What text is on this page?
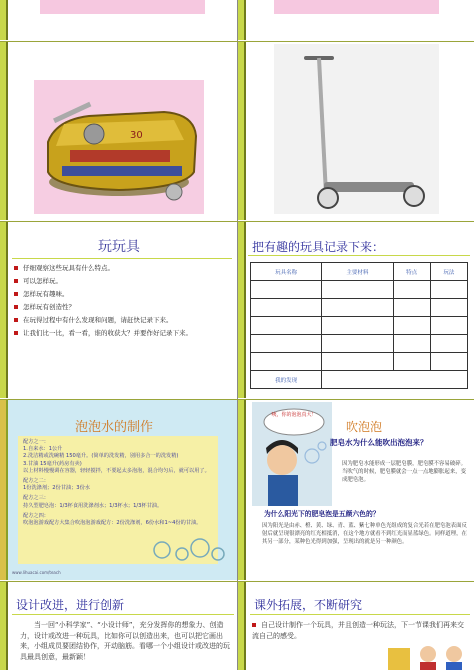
30
玩玩具
仔细观察这些玩具有什么特点。
可以怎样玩。
怎样玩有趣味。
怎样玩有创造性？
在玩得过程中有什么发现和问题，请赶快记录下来。
让我们比一比，看一看，谁的收获大？并要作好记录下来。
把有趣的玩具记录下来：
玩具名称	主要材料	特点	玩法

我的发现			
泡泡水的制作
配方之一：
1.自来水：1公升
2.洗洁精或洗碗精 150毫升。(简单的洗发精，别用多合一的洗发精)
3.甘油 15毫升(药房有卖)
以上材料慢慢调在容器，轻轻搅拌，不要起太多泡泡，混合均匀后，就可以用了。
配方之二：
1份洗涤剂；2份甘油；3份水
配方之三：
持久型肥皂泡：1/3杯食用洗涤剂水；1/3杯水；1/3杯甘油。
配方之四：
吹泡泡游戏配方大集合吹泡泡游戏配方：2份洗涤剂，6份水和1~4份的甘油。
www.lihuacai.com/teach
咦，你的泡泡真大！
吹泡泡
肥皂水为什么能吹出泡泡来？
因为肥皂水能形成一层肥皂膜，肥皂膜不容易破碎。当吹气的时候，肥皂膜就会一点一点地膨胀起来，变成肥皂泡。
为什么阳光下的肥皂泡是五颜六色的？
因为阳光是由赤、橙、黄、绿、青、蓝、紫七种单色光组成的复合光若在肥皂泡表面反射后就呈现很漂亮的红光相抵消，在这个地方就看不到红光而显蓝绿色。同样道理，在其另一部分，某种色光得到加强，呈现出的就是另一种颜色。
设计改进，进行创新
当一回“小科学家”、“小设计师”，充分发挥你的想象力、创造力，设计或改进一种玩具，比如你可以创造出来，也可以把它画出来，小组成员要团结协作，开动脑筋。看哪一个小组设计或改进的玩具最具创意，最新颖！
课外拓展，不断研究
自己设计制作一个玩具，并且创造一种玩法，下一节课我们再来交流自己的感受。
